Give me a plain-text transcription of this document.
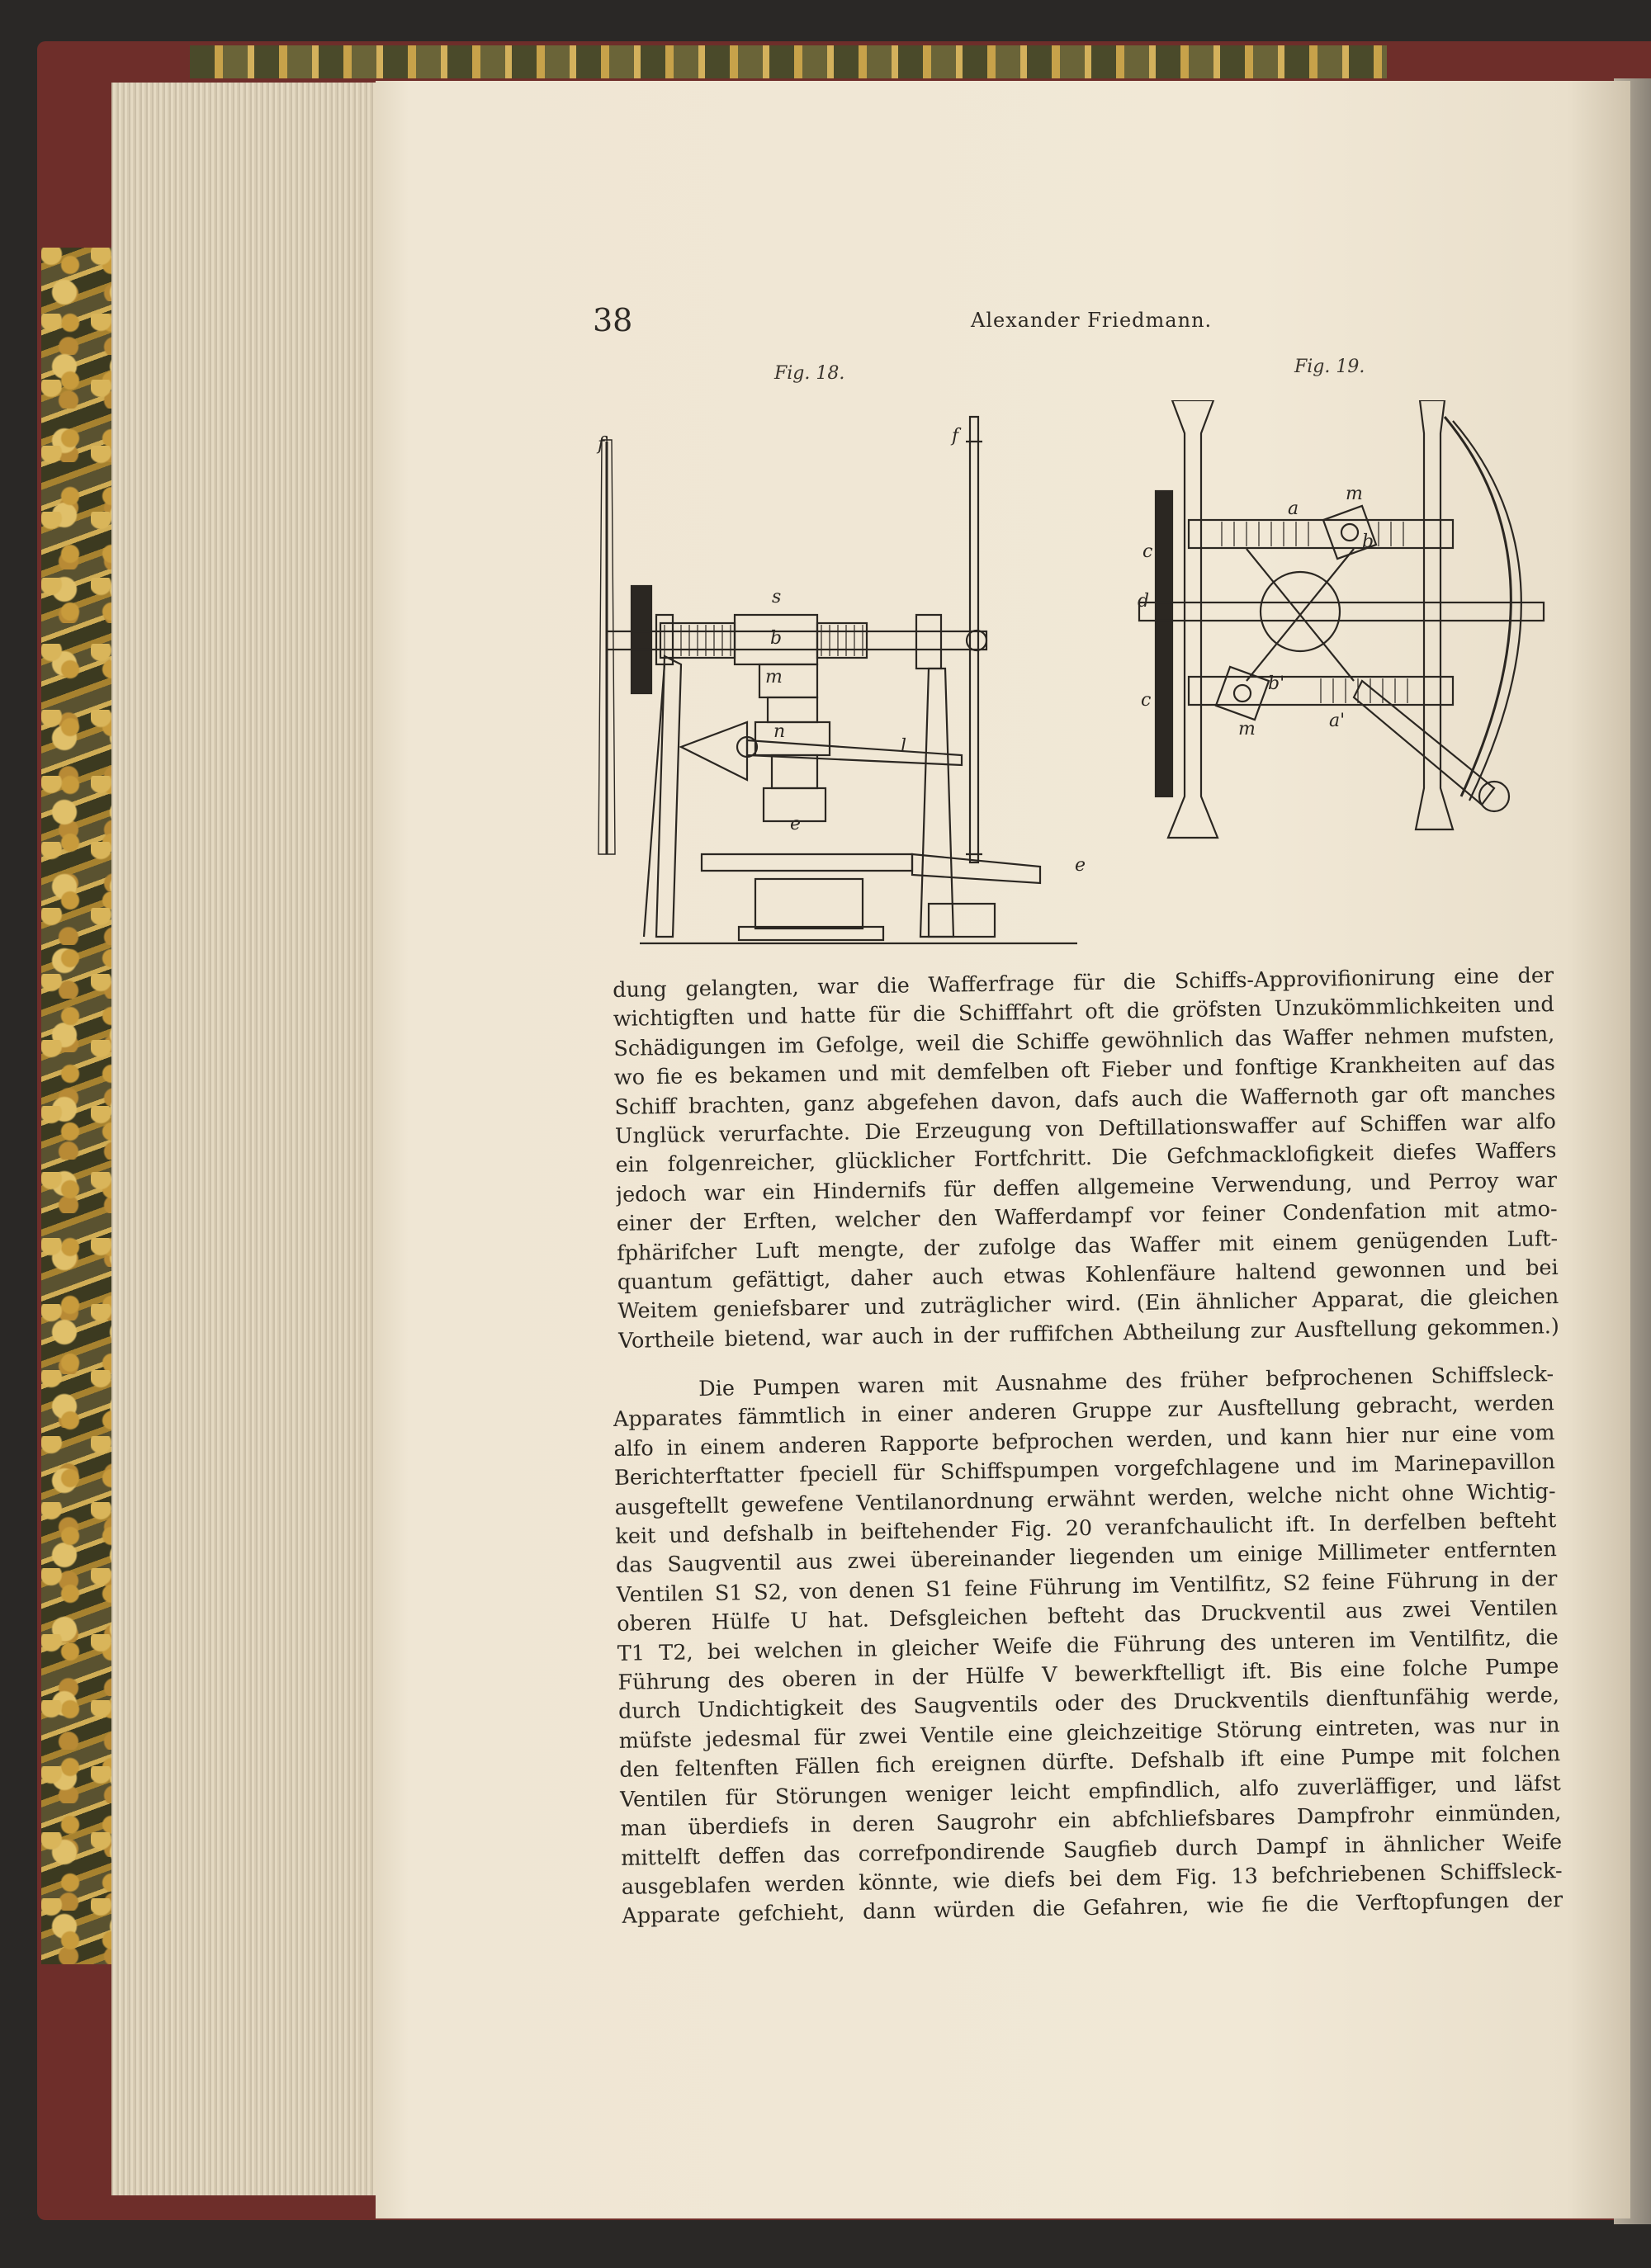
38	Alexander Friedmann.
Fig. 18.	Fig. 19.
f'	f
s
b
m
n
l
e
e
m
a
b
c
d
c
b'
m	a'
dung gelangten, war die Wafferfrage für die Schiffs-Approvifionirung eine der
wichtigften und hatte für die Schifffahrt oft die gröfsten Unzukömmlichkeiten und
Schädigungen im Gefolge, weil die Schiffe gewöhnlich das Waffer nehmen mufsten,
wo fie es bekamen und mit demfelben oft Fieber und fonftige Krankheiten auf das
Schiff brachten, ganz abgefehen davon, dafs auch die Waffernoth gar oft manches
Unglück verurfachte. Die Erzeugung von Deftillationswaffer auf Schiffen war alfo
ein folgenreicher, glücklicher Fortfchritt. Die Gefchmacklofigkeit diefes Waffers
jedoch war ein Hindernifs für deffen allgemeine Verwendung, und Perroy war
einer der Erften, welcher den Wafferdampf vor feiner Condenfation mit atmo-
fphärifcher Luft mengte, der zufolge das Waffer mit einem genügenden Luft-
quantum gefättigt, daher auch etwas Kohlenfäure haltend gewonnen und bei
Weitem geniefsbarer und zuträglicher wird. (Ein ähnlicher Apparat, die gleichen
Vortheile bietend, war auch in der ruffifchen Abtheilung zur Ausftellung gekommen.)
Die Pumpen waren mit Ausnahme des früher befprochenen Schiffsleck-
Apparates fämmtlich in einer anderen Gruppe zur Ausftellung gebracht, werden
alfo in einem anderen Rapporte befprochen werden, und kann hier nur eine vom
Berichterftatter fpeciell für Schiffspumpen vorgefchlagene und im Marinepavillon
ausgeftellt gewefene Ventilanordnung erwähnt werden, welche nicht ohne Wichtig-
keit und defshalb in beiftehender Fig. 20 veranfchaulicht ift. In derfelben befteht
das Saugventil aus zwei übereinander liegenden um einige Millimeter entfernten
Ventilen S1 S2, von denen S1 feine Führung im Ventilfitz, S2 feine Führung in der
oberen Hülfe U hat. Defsgleichen befteht das Druckventil aus zwei Ventilen
T1 T2, bei welchen in gleicher Weife die Führung des unteren im Ventilfitz, die
Führung des oberen in der Hülfe V bewerkftelligt ift. Bis eine folche Pumpe
durch Undichtigkeit des Saugventils oder des Druckventils dienftunfähig werde,
müfste jedesmal für zwei Ventile eine gleichzeitige Störung eintreten, was nur in
den feltenften Fällen fich ereignen dürfte. Defshalb ift eine Pumpe mit folchen
Ventilen für Störungen weniger leicht empfindlich, alfo zuverläffiger, und läfst
man überdiefs in deren Saugrohr ein abfchliefsbares Dampfrohr einmünden,
mittelft deffen das correfpondirende Saugfieb durch Dampf in ähnlicher Weife
ausgeblafen werden könnte, wie diefs bei dem Fig. 13 befchriebenen Schiffsleck-
Apparate gefchieht, dann würden die Gefahren, wie fie die Verftopfungen der
